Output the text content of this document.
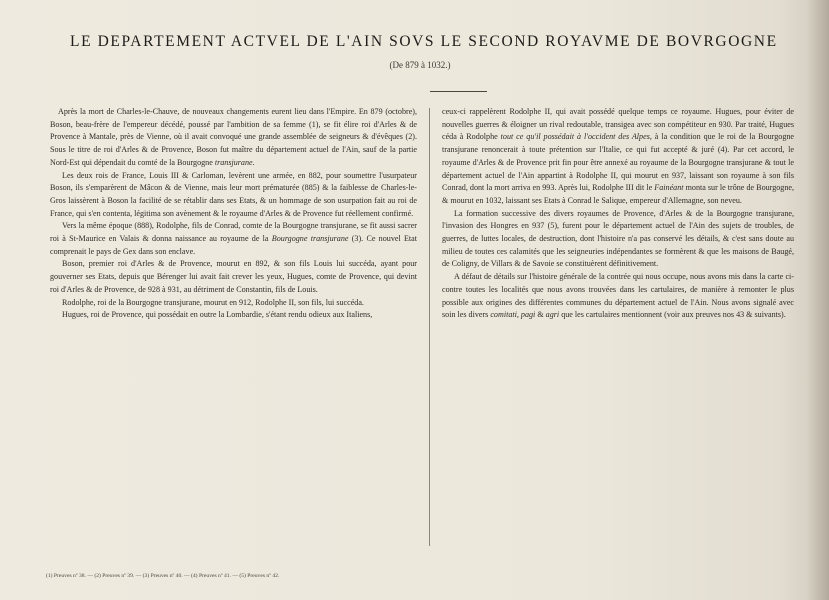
LE DEPARTEMENT ACTVEL DE L'AIN SOVS LE SECOND ROYAVME DE BOVRGOGNE
(De 879 à 1032.)

Après la mort de Charles-le-Chauve, de nouveaux changements eurent lieu dans l'Empire. En 879 (octobre), Boson, beau-frère de l'empereur décédé, poussé par l'ambition de sa femme (1), se fit élire roi d'Arles & de Provence à Mantale, près de Vienne, où il avait convoqué une grande assemblée de seigneurs & d'évêques (2). Sous le titre de roi d'Arles & de Provence, Boson fut maître du département actuel de l'Ain, sauf de la partie Nord-Est qui dépendait du comté de la Bourgogne transjurane.

Les deux rois de France, Louis III & Carloman, levèrent une armée, en 882, pour soumettre l'usurpateur Boson, ils s'emparèrent de Mâcon & de Vienne, mais leur mort prématurée (885) & la faiblesse de Charles-le-Gros laissèrent à Boson la facilité de se rétablir dans ses Etats, & un hommage de son usurpation fait au roi de France, qui s'en contenta, légitima son avènement & le royaume d'Arles & de Provence fut réellement confirmé.

Vers la même époque (888), Rodolphe, fils de Conrad, comte de la Bourgogne transjurane, se fit aussi sacrer roi à St-Maurice en Valais & donna naissance au royaume de la Bourgogne transjurane (3). Ce nouvel Etat comprenait le pays de Gex dans son enclave.

Boson, premier roi d'Arles & de Provence, mourut en 892, & son fils Louis lui succéda, ayant pour gouverner ses Etats, depuis que Bérenger lui avait fait crever les yeux, Hugues, comte de Provence, qui devint roi d'Arles & de Provence, de 928 à 931, au détriment de Constantin, fils de Louis.

Rodolphe, roi de la Bourgogne transjurane, mourut en 912, Rodolphe II, son fils, lui succéda.

Hugues, roi de Provence, qui possédait en outre la Lombardie, s'étant rendu odieux aux Italiens,

ceux-ci rappelèrent Rodolphe II, qui avait possédé quelque temps ce royaume. Hugues, pour éviter de nouvelles guerres & éloigner un rival redoutable, transigea avec son compétiteur en 930. Par traité, Hugues céda à Rodolphe tout ce qu'il possédait à l'occident des Alpes, à la condition que le roi de la Bourgogne transjurane renoncerait à toute prétention sur l'Italie, ce qui fut accepté & juré (4). Par cet accord, le royaume d'Arles & de Provence prit fin pour être annexé au royaume de la Bourgogne transjurane & tout le département actuel de l'Ain appartint à Rodolphe II, qui mourut en 937, laissant son royaume à son fils Conrad, dont la mort arriva en 993. Après lui, Rodolphe III dit le Fainéant monta sur le trône de Bourgogne, & mourut en 1032, laissant ses Etats à Conrad le Salique, empereur d'Allemagne, son neveu.

La formation successive des divers royaumes de Provence, d'Arles & de la Bourgogne transjurane, l'invasion des Hongres en 937 (5), furent pour le département actuel de l'Ain des sujets de troubles, de guerres, de luttes locales, de destruction, dont l'histoire n'a pas conservé les détails, & c'est sans doute au milieu de toutes ces calamités que les seigneuries indépendantes se formèrent & que les maisons de Baugé, de Coligny, de Villars & de Savoie se constituèrent définitivement.

A défaut de détails sur l'histoire générale de la contrée qui nous occupe, nous avons mis dans la carte ci-contre toutes les localités que nous avons trouvées dans les cartulaires, de manière à remonter le plus possible aux origines des différentes communes du département actuel de l'Ain. Nous avons signalé avec soin les divers comitati, pagi & agri que les cartulaires mentionnent (voir aux preuves nos 43 & suivants).

(1) Preuves nº 38. — (2) Preuves nº 39. — (3) Preuves nº 40. — (4) Preuves nº 41. — (5) Preuves nº 42.
